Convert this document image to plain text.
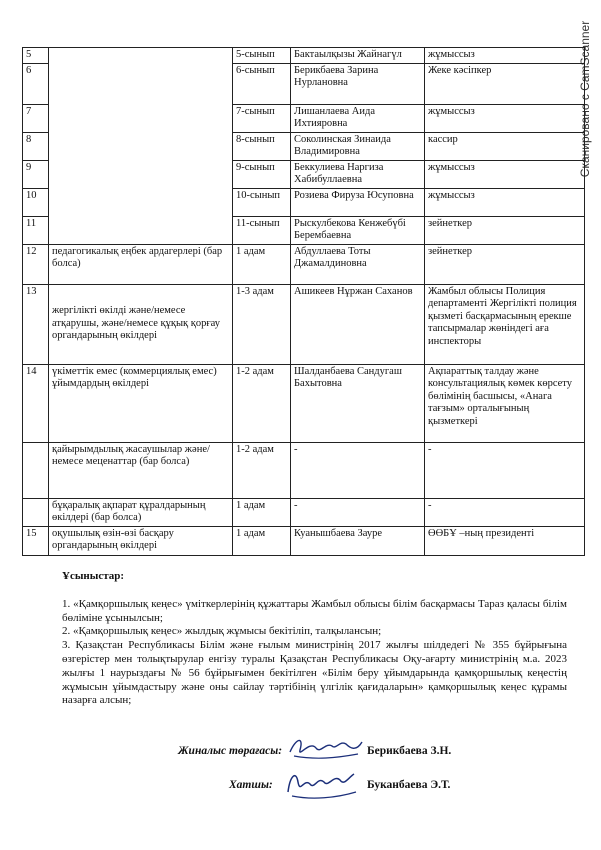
Сканировано с CamScanner
5		5-сынып	Бактаылқызы Жайнагүл	жұмыссыз
6		6-сынып	Берикбаева Зарина Нурлановна	Жеке кәсіпкер
7		7-сынып	Лишанлаева Аида Ихтияровна	жұмыссыз
8		8-сынып	Соколинская Зинаида Владимировна	кассир
9		9-сынып	Беккулиева Наргиза Хабибуллаевна	жұмыссыз
10		10-сынып	Розиева Фируза Юсуповна	жұмыссыз
11		11-сынып	Рыскулбекова Кенжебүбі Берембаевна	зейнеткер
12	педагогикалық еңбек ардагерлері (бар болса)	1 адам	Абдуллаева Тоты Джамалдиновна	зейнеткер
13	жергілікті өкілді және/немесе атқарушы, және/немесе құқық қорғау органдарының өкілдері	1-3 адам	Ашикеев Нұржан Саханов	Жамбыл облысы Полиция департаменті Жергілікті полиция қызметі басқармасының ерекше тапсырмалар жөніндегі аға инспекторы
14	үкіметтік емес (коммерциялық емес) ұйымдардың өкілдері	1-2 адам	Шалданбаева Сандугаш Бахытовна	Ақпараттық талдау және консультациялық көмек көрсету бөлімінің басшысы, «Анага тағзым» орталығының қызметкері
	қайырымдылық жасаушылар және/немесе меценаттар (бар болса)	1-2 адам	-	-
	бұқаралық ақпарат құралдарының өкілдері (бар болса)	1 адам	-	-
15	оқушылық өзін-өзі басқару органдарының өкілдері	1 адам	Куанышбаева Зауре	ӨӨБҰ –ның президенті
Ұсыныстар:

1. «Қамқоршылық кеңес» үміткерлерінің құжаттары Жамбыл облысы білім басқармасы Тараз қаласы білім бөліміне ұсынылсын;

2. «Қамқоршылық кеңес» жылдық жұмысы бекітіліп, талқылансын;

3. Қазақстан Республикасы Білім және ғылым министрінің 2017 жылғы шілдедегі № 355 бұйрығына өзгерістер мен толықтырулар енгізу туралы Қазақстан Республикасы Оқу-ағарту министрінің м.а. 2023 жылғы 1 наурыздағы № 56 бұйрығымен бекітілген «Білім беру ұйымдарында қамқоршылық кеңестің жұмысын ұйымдастыру және оны сайлау тәртібінің үлгілік қағидаларын» қамқоршылық кеңес құрамы назарға алсын;

Жиналыс төрағасы:	Берикбаева З.Н.
Хатшы:	Буканбаева Э.Т.
